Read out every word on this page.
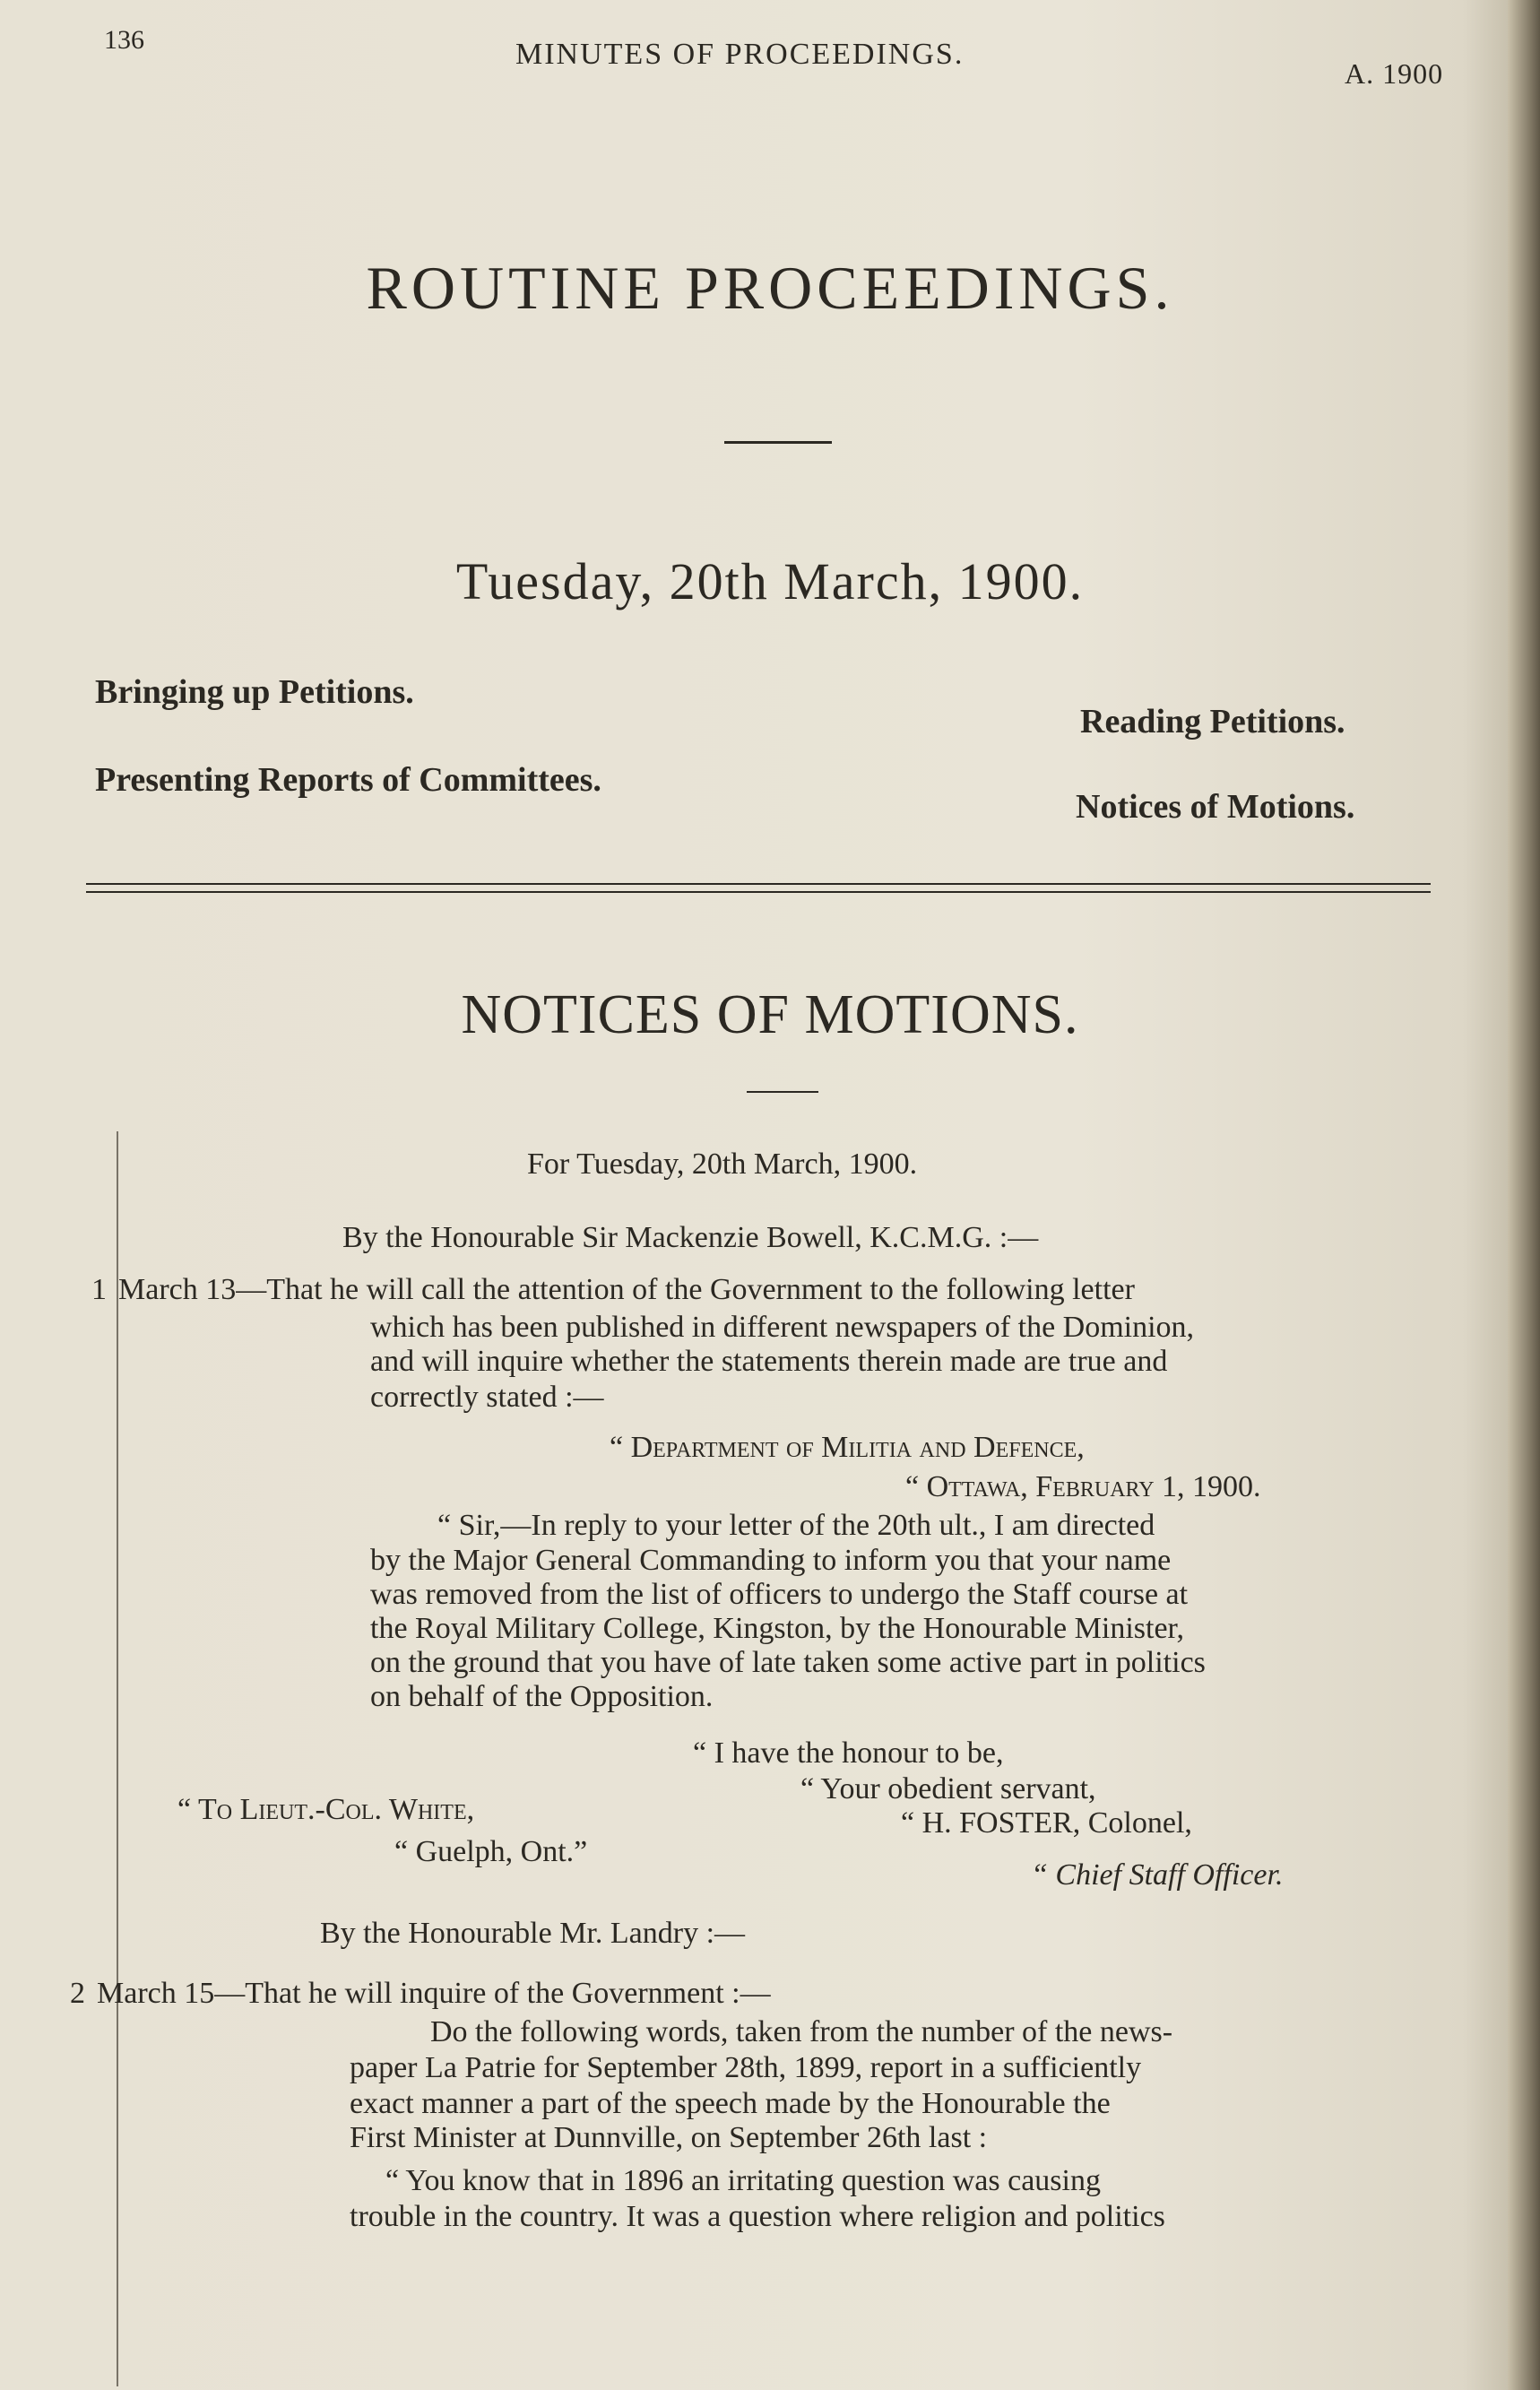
136	MINUTES OF PROCEEDINGS.
A. 1900
ROUTINE PROCEEDINGS.
Tuesday, 20th March, 1900.
Bringing up Petitions.
Reading Petitions.
Presenting Reports of Committees.
Notices of Motions.
NOTICES OF MOTIONS.
For Tuesday, 20th March, 1900.
By the Honourable Sir Mackenzie Bowell, K.C.M.G. :—
1 March 13—That he will call the attention of the Government to the following letter
which has been published in different newspapers of the Dominion,
and will inquire whether the statements therein made are true and
correctly stated :—
“ Department of Militia and Defence,
“ Ottawa, February 1, 1900.
“ Sir,—In reply to your letter of the 20th ult., I am directed
by the Major General Commanding to inform you that your name
was removed from the list of officers to undergo the Staff course at
the Royal Military College, Kingston, by the Honourable Minister,
on the ground that you have of late taken some active part in politics
on behalf of the Opposition.
“ I have the honour to be,
“ Your obedient servant,
“ To Lieut.-Col. White,	“ H. FOSTER, Colonel,
“ Guelph, Ont.”
“ Chief Staff Officer.
By the Honourable Mr. Landry :—
2 March 15—That he will inquire of the Government :—
Do the following words, taken from the number of the news-
paper La Patrie for September 28th, 1899, report in a sufficiently
exact manner a part of the speech made by the Honourable the
First Minister at Dunnville, on September 26th last :
“ You know that in 1896 an irritating question was causing
trouble in the country. It was a question where religion and politics
